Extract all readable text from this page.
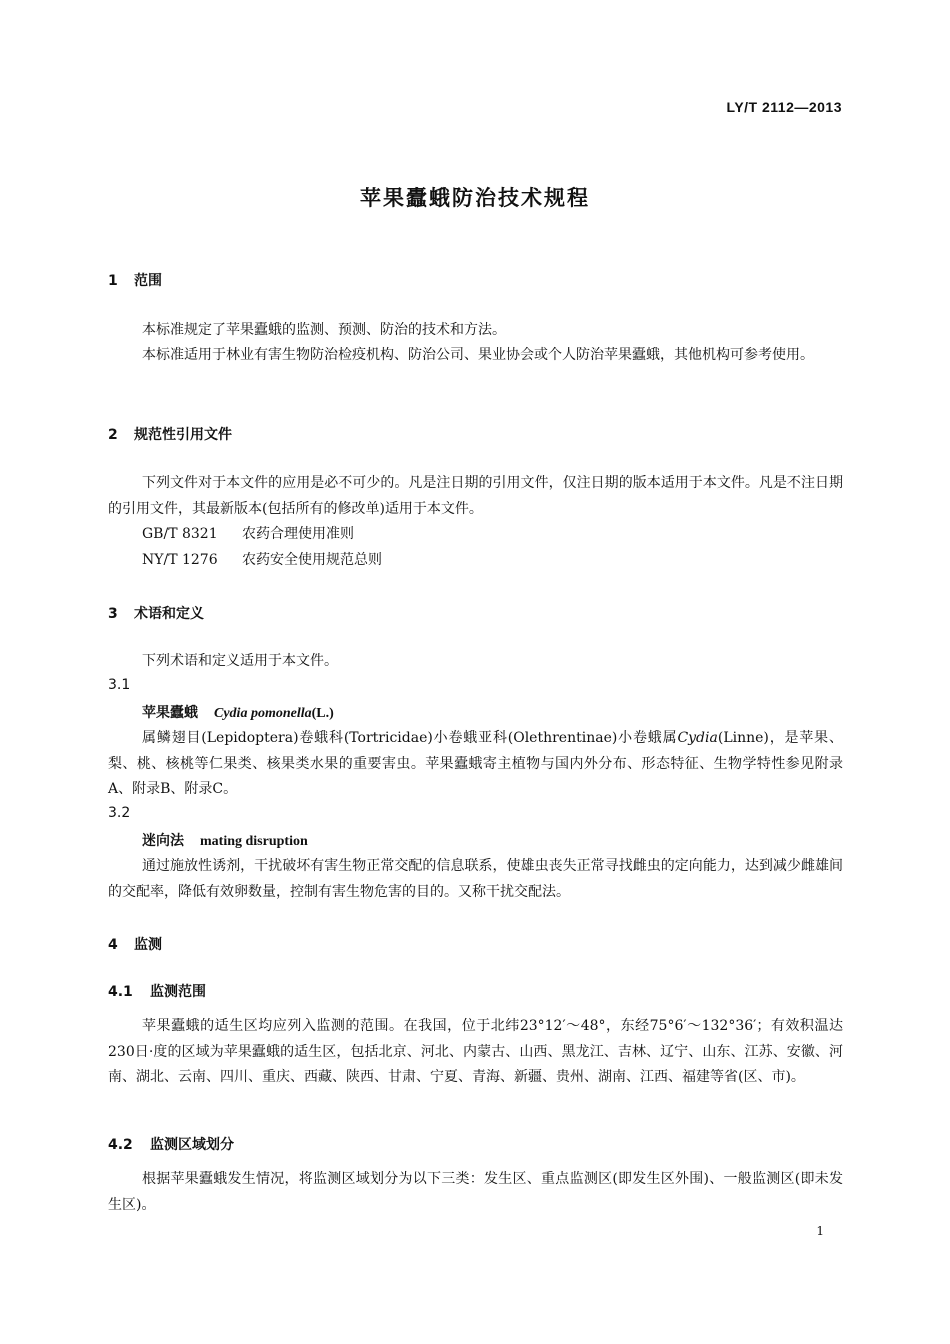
LY/T 2112—2013
苹果蠹蛾防治技术规程
1 范围
本标准规定了苹果蠹蛾的监测、预测、防治的技术和方法。
本标准适用于林业有害生物防治检疫机构、防治公司、果业协会或个人防治苹果蠹蛾，其他机构可参考使用。
2 规范性引用文件
下列文件对于本文件的应用是必不可少的。凡是注日期的引用文件，仅注日期的版本适用于本文件。凡是不注日期的引用文件，其最新版本(包括所有的修改单)适用于本文件。
GB/T 8321 农药合理使用准则
NY/T 1276 农药安全使用规范总则
3 术语和定义
下列术语和定义适用于本文件。
3.1
苹果蠹蛾 Cydia pomonella(L.)
属鳞翅目(Lepidoptera)卷蛾科(Tortricidae)小卷蛾亚科(Olethrentinae)小卷蛾属Cydia(Linne)，是苹果、梨、桃、核桃等仁果类、核果类水果的重要害虫。苹果蠹蛾寄主植物与国内外分布、形态特征、生物学特性参见附录A、附录B、附录C。
3.2
迷向法 mating disruption
通过施放性诱剂，干扰破坏有害生物正常交配的信息联系，使雄虫丧失正常寻找雌虫的定向能力，达到减少雌雄间的交配率，降低有效卵数量，控制有害生物危害的目的。又称干扰交配法。
4 监测
4.1 监测范围
苹果蠹蛾的适生区均应列入监测的范围。在我国，位于北纬23°12′～48°，东经75°6′～132°36′；有效积温达230日·度的区域为苹果蠹蛾的适生区，包括北京、河北、内蒙古、山西、黑龙江、吉林、辽宁、山东、江苏、安徽、河南、湖北、云南、四川、重庆、西藏、陕西、甘肃、宁夏、青海、新疆、贵州、湖南、江西、福建等省(区、市)。
4.2 监测区域划分
根据苹果蠹蛾发生情况，将监测区域划分为以下三类：发生区、重点监测区(即发生区外围)、一般监测区(即未发生区)。
1
